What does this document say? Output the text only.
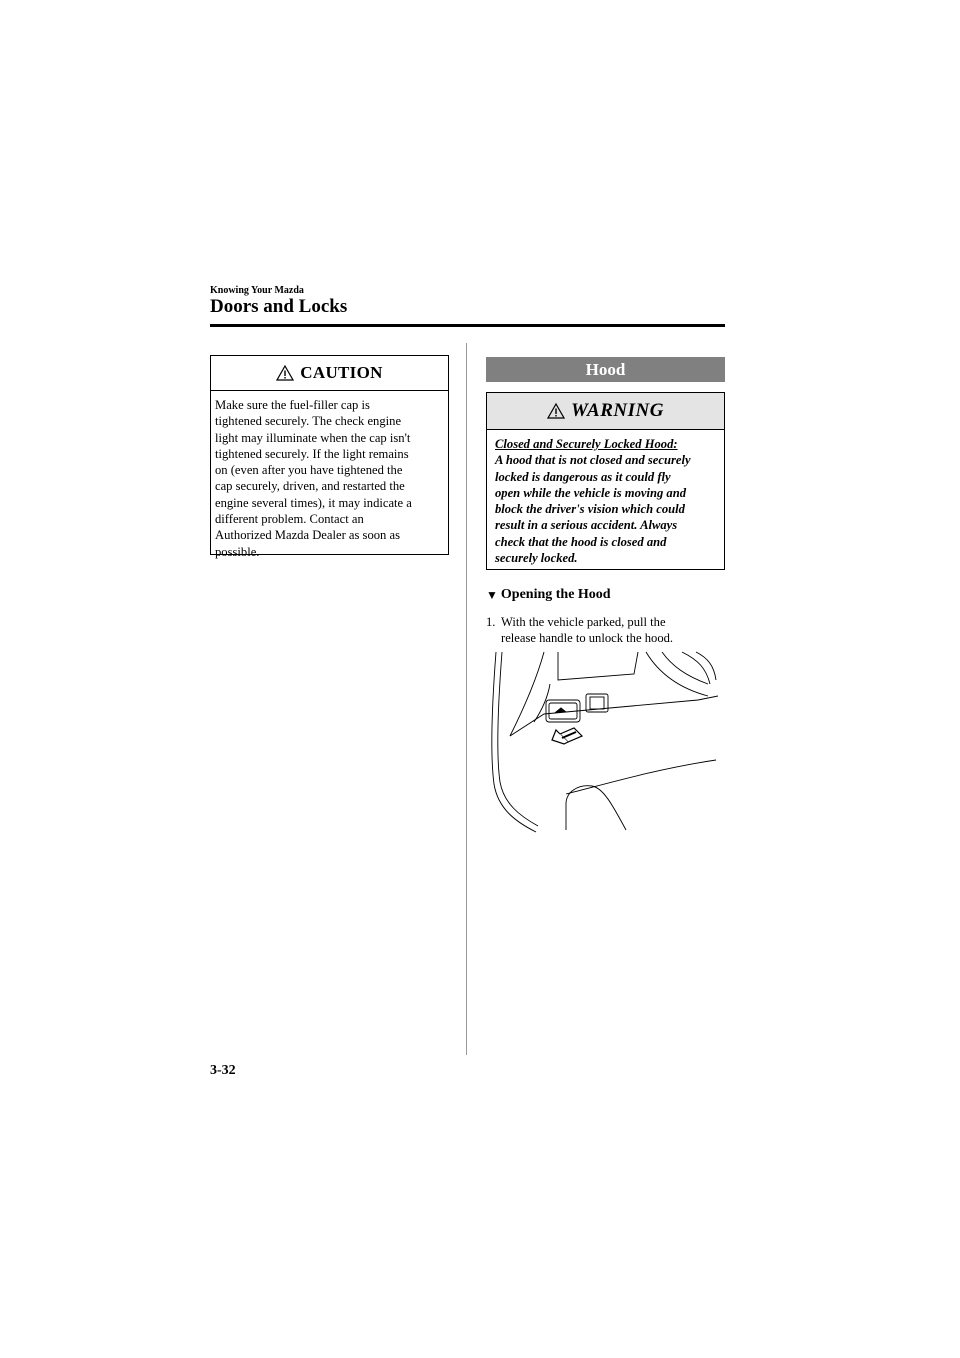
Knowing Your Mazda
Doors and Locks
CAUTION
Make sure the fuel-filler cap is
tightened securely. The check engine
light may illuminate when the cap isn't
tightened securely. If the light remains
on (even after you have tightened the
cap securely, driven, and restarted the
engine several times), it may indicate a
different problem. Contact an
Authorized Mazda Dealer as soon as
possible.
Hood
WARNING
Closed and Securely Locked Hood:
A hood that is not closed and securely
locked is dangerous as it could fly
open while the vehicle is moving and
block the driver's vision which could
result in a serious accident. Always
check that the hood is closed and
securely locked.
▼ Opening the Hood
1. With the vehicle parked, pull the
release handle to unlock the hood.
3-32
